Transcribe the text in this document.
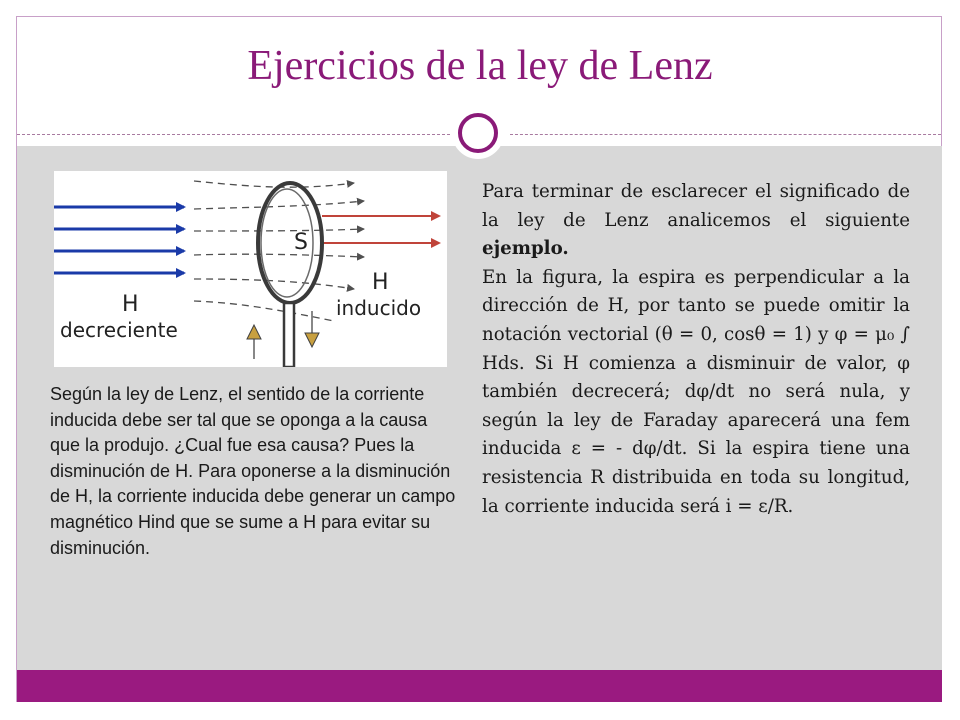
Ejercicios de la ley de Lenz
S
H
decreciente
H
inducido
Según la ley de Lenz, el sentido de la corriente inducida debe ser tal que se oponga a la causa que la produjo. ¿Cual fue esa causa? Pues la disminución de H. Para oponerse a la disminución de H, la corriente inducida debe generar un campo magnético Hind que se sume a H para evitar su disminución.

Para terminar de esclarecer el significado de la ley de Lenz analicemos el siguiente ejemplo.

En la figura, la espira es perpendicular a la dirección de H, por tanto se puede omitir la notación vectorial (θ = 0, cosθ = 1) y φ = μ₀ ∫ Hds. Si H comienza a disminuir de valor, φ también decrecerá; dφ/dt no será nula, y según la ley de Faraday aparecerá una fem inducida ε = - dφ/dt. Si la espira tiene una resistencia R distribuida en toda su longitud, la corriente inducida será i = ε/R.
